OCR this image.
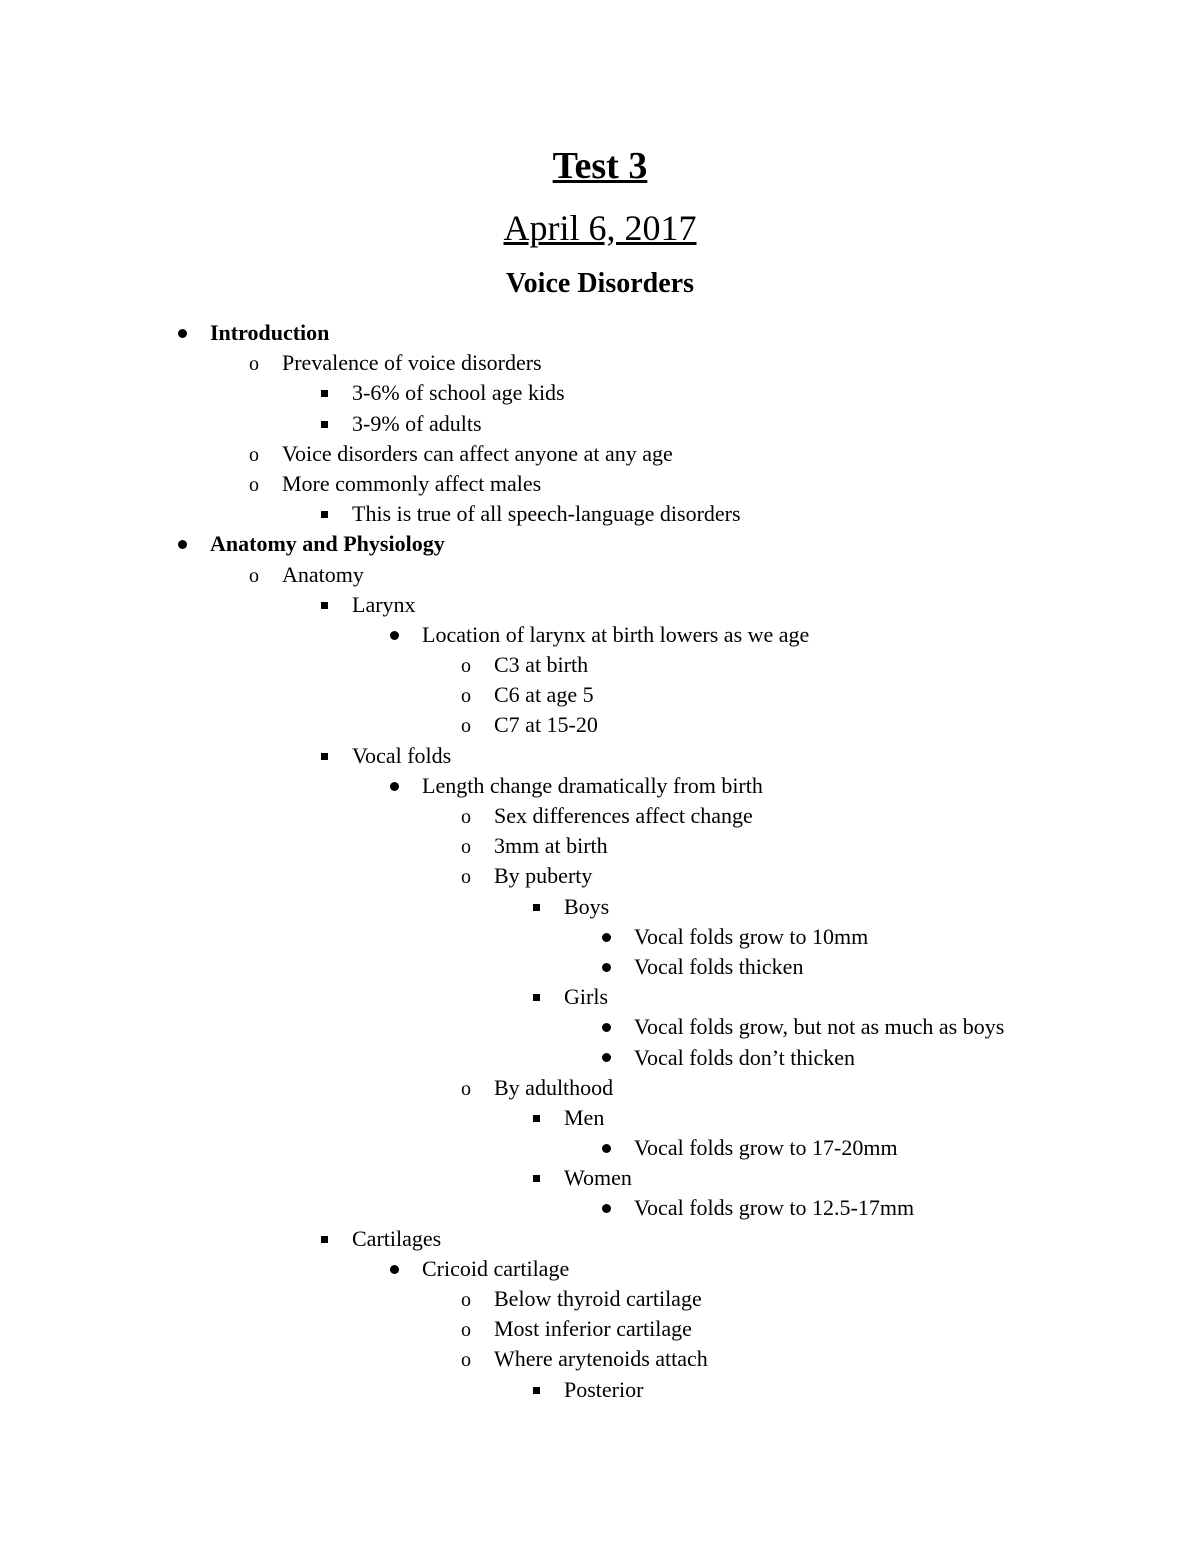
Test 3
April 6, 2017
Voice Disorders
Introduction
o	Prevalence of voice disorders
3-6% of school age kids
3-9% of adults
o	Voice disorders can affect anyone at any age
o	More commonly affect males
This is true of all speech-language disorders
Anatomy and Physiology
o	Anatomy
Larynx
Location of larynx at birth lowers as we age
o	C3 at birth
o	C6 at age 5
o	C7 at 15-20
Vocal folds
Length change dramatically from birth
o	Sex differences affect change
o	3mm at birth
o	By puberty
Boys
Vocal folds grow to 10mm
Vocal folds thicken
Girls
Vocal folds grow, but not as much as boys
Vocal folds don’t thicken
o	By adulthood
Men
Vocal folds grow to 17-20mm
Women
Vocal folds grow to 12.5-17mm
Cartilages
Cricoid cartilage
o	Below thyroid cartilage
o	Most inferior cartilage
o	Where arytenoids attach
Posterior
